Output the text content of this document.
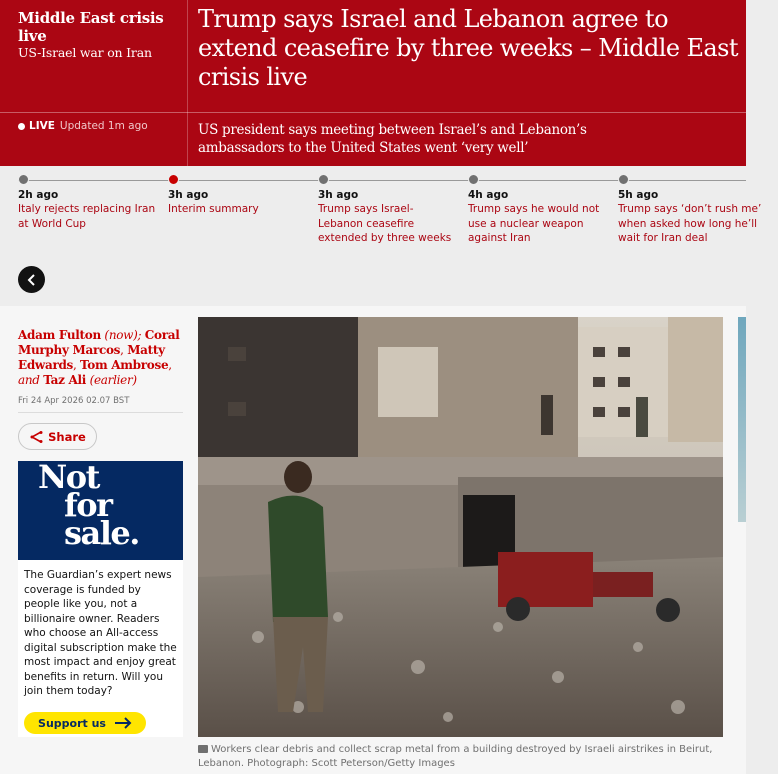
Middle East crisis live
US-Israel war on Iran
Trump says Israel and Lebanon agree to extend ceasefire by three weeks – Middle East crisis live
LIVE Updated 1m ago	US president says meeting between Israel’s and Lebanon’s ambassadors to the United States went ‘very well’
2h ago
Italy rejects replacing Iran at World Cup
3h ago
Interim summary
3h ago
Trump says Israel-Lebanon ceasefire extended by three weeks
4h ago
Trump says he would not use a nuclear weapon against Iran
5h ago
Trump says ‘don’t rush me’ when asked how long he’ll wait for Iran deal
Adam Fulton (now); Coral Murphy Marcos, Matty Edwards, Tom Ambrose, and Taz Ali (earlier)
Fri 24 Apr 2026 02.07 BST
Share
Not
for
sale.
The Guardian’s expert news coverage is funded by people like you, not a billionaire owner. Readers who choose an All-access digital subscription make the most impact and enjoy great benefits in return. Will you join them today?
Support us
Workers clear debris and collect scrap metal from a building destroyed by Israeli airstrikes in Beirut, Lebanon. Photograph: Scott Peterson/Getty Images
